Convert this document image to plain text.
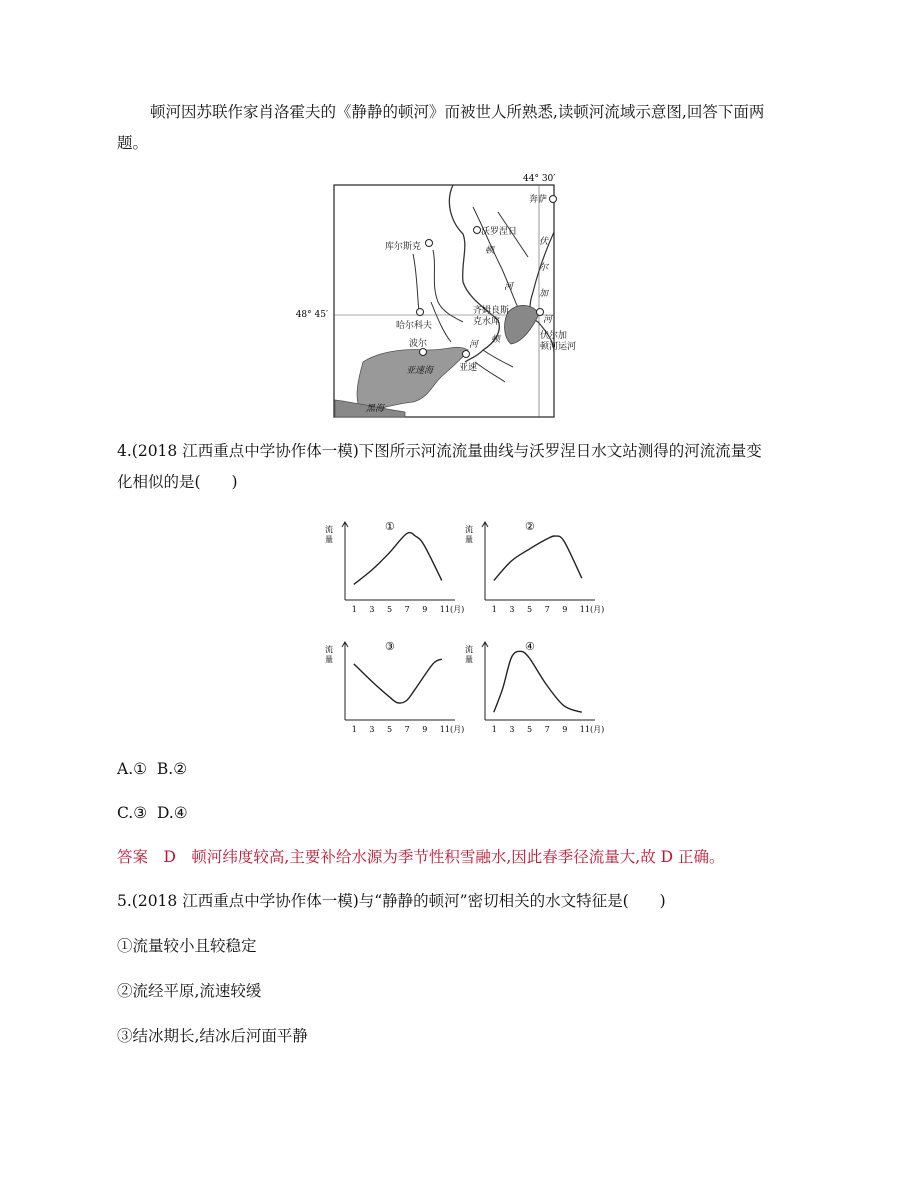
顿河因苏联作家肖洛霍夫的《静静的顿河》而被世人所熟悉,读顿河流域示意图,回答下面两
题。
44° 30′
48° 45′
奔萨
沃罗涅日
库尔斯克
哈尔科夫
齐姆良斯
克水库
伏尔加
顿河运河
波尔
亚速
亚速海
黑海
顿
河
顿
河
伏
尔
加
河
4.(2018 江西重点中学协作体一模)下图所示河流流量曲线与沃罗涅日水文站测得的河流流量变
化相似的是(　　)
流
量
①
1 3 5 7 9 11(月)
流
量
②
1 3 5 7 9 11(月)
流
量
③
1 3 5 7 9 11(月)
流
量
④
1 3 5 7 9 11(月)
A.① B.②
C.③ D.④
答案　D　顿河纬度较高,主要补给水源为季节性积雪融水,因此春季径流量大,故 D 正确。
5.(2018 江西重点中学协作体一模)与“静静的顿河”密切相关的水文特征是(　　)
①流量较小且较稳定
②流经平原,流速较缓
③结冰期长,结冰后河面平静
